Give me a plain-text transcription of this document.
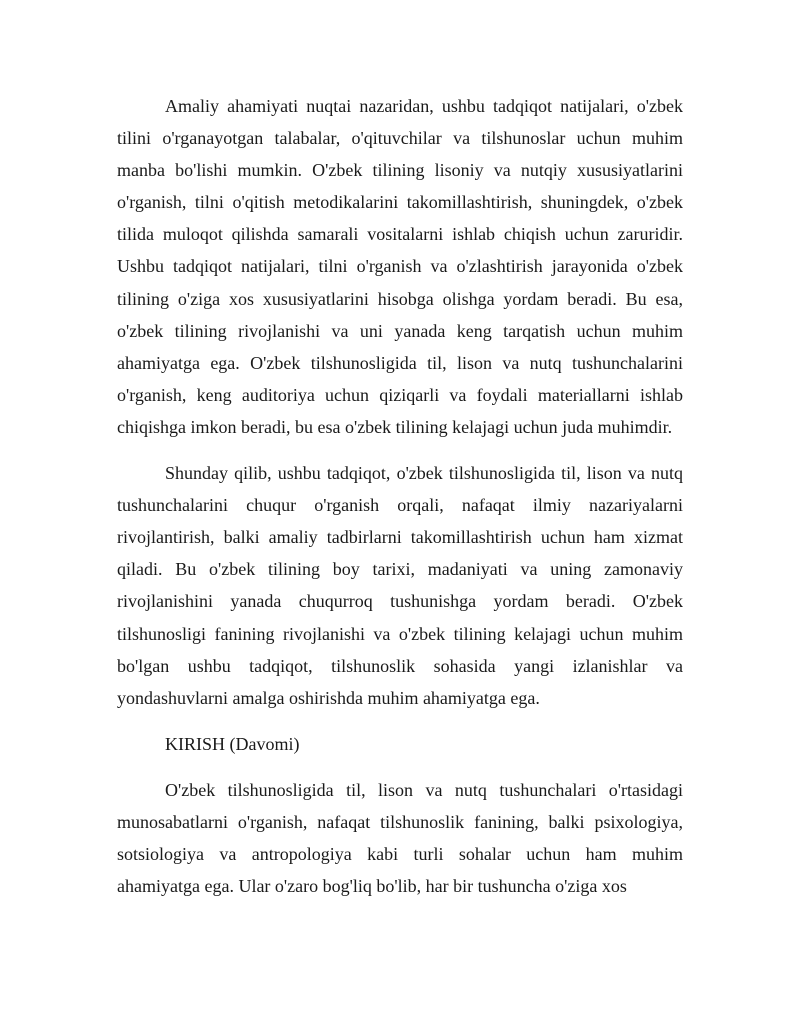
Amaliy ahamiyati nuqtai nazaridan, ushbu tadqiqot natijalari, o'zbek tilini o'rganayotgan talabalar, o'qituvchilar va tilshunoslar uchun muhim manba bo'lishi mumkin. O'zbek tilining lisoniy va nutqiy xususiyatlarini o'rganish, tilni o'qitish metodikalarini takomillashtirish, shuningdek, o'zbek tilida muloqot qilishda samarali vositalarni ishlab chiqish uchun zaruridir. Ushbu tadqiqot natijalari, tilni o'rganish va o'zlashtirish jarayonida o'zbek tilining o'ziga xos xususiyatlarini hisobga olishga yordam beradi. Bu esa, o'zbek tilining rivojlanishi va uni yanada keng tarqatish uchun muhim ahamiyatga ega. O'zbek tilshunosligida til, lison va nutq tushunchalarini o'rganish, keng auditoriya uchun qiziqarli va foydali materiallarni ishlab chiqishga imkon beradi, bu esa o'zbek tilining kelajagi uchun juda muhimdir.

Shunday qilib, ushbu tadqiqot, o'zbek tilshunosligida til, lison va nutq tushunchalarini chuqur o'rganish orqali, nafaqat ilmiy nazariyalarni rivojlantirish, balki amaliy tadbirlarni takomillashtirish uchun ham xizmat qiladi. Bu o'zbek tilining boy tarixi, madaniyati va uning zamonaviy rivojlanishini yanada chuqurroq tushunishga yordam beradi. O'zbek tilshunosligi fanining rivojlanishi va o'zbek tilining kelajagi uchun muhim bo'lgan ushbu tadqiqot, tilshunoslik sohasida yangi izlanishlar va yondashuvlarni amalga oshirishda muhim ahamiyatga ega.

KIRISH (Davomi)

O'zbek tilshunosligida til, lison va nutq tushunchalari o'rtasidagi munosabatlarni o'rganish, nafaqat tilshunoslik fanining, balki psixologiya, sotsiologiya va antropologiya kabi turli sohalar uchun ham muhim ahamiyatga ega. Ular o'zaro bog'liq bo'lib, har bir tushuncha o'ziga xos
